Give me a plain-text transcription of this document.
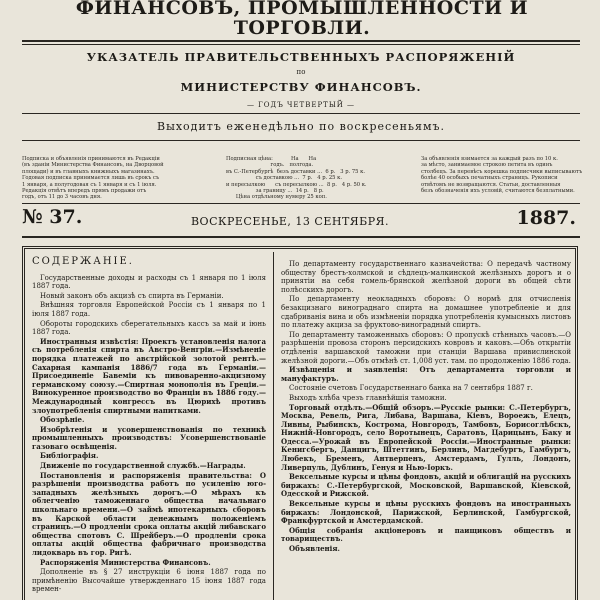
ФИНАНСОВЪ, ПРОМЫШЛЕННОСТИ И ТОРГОВЛИ.
УКАЗАТЕЛЬ ПРАВИТЕЛЬСТВЕННЫХЪ РАСПОРЯЖЕНІЙ
по
МИНИСТЕРСТВУ ФИНАНСОВЪ.
— ГОДЪ ЧЕТВЕРТЫЙ —
Выходитъ еженедѣльно по воскресеньямъ.
Подписка и объявленія принимаются въ Редакціи
(въ зданіи Министерства Финансовъ, на Дворцовой
площади) и въ главныхъ книжныхъ магазинахъ.
Годовая подписка принимается лишь въ срокъ съ
1 января, а полугодовая съ 1 января и съ 1 іюля.
Редакція отвѣтъ впередъ прямъ продажи отъ
годъ, отъ 11 до 3 часовъ дня.
Подписная цѣна:           На      На
годъ.   полгода.
въ С.-Петербургѣ  безъ доставки ...  6 р.   3 р. 75 к.
съ доставкою ...  7 р.   4 р. 25 к.
и пересылкою      съ пересылкою ...  8 р.   4 р. 50 к.
за границу ...  14 р.   8 р.
Цѣна отдѣльному нумеру 25 коп.
За объявленія взимается за каждый разъ по 10 к.
за мѣсто, занимаемое строкою петита въ одинъ
столбецъ. За перевѣсъ корешка подписчики выписываютъ
болѣе 40 особыхъ печатныхъ страницъ. Рукописи
отвѣтомъ не возвращаются. Статьи, доставленныя
безъ обозначенія ихъ условій, считаются безплатными.
№ 37.	ВОСКРЕСЕНЬЕ, 13 СЕНТЯБРЯ.	1887.

СОДЕРЖАНІЕ.

Государственные доходы и расходы съ 1 января по 1 іюля 1887 года.

Новый законъ объ акцизѣ съ спирта въ Германіи.

Внѣшняя торговля Европейской Россіи съ 1 января по 1 іюля 1887 года.

Обороты городскихъ сберегательныхъ кассъ за май и іюнь 1887 года.

Иностранныя извѣстія: Проектъ установленія налога съ потребленія спирта въ Австро-Венгріи.—Измѣненіе порядка платежей по австрійской золотой рентѣ.—Сахарная кампанія 1886/7 года въ Германіи.—Присоединеніе Бавеміи къ пивоваренно-акцизному германскому союзу.—Спиртная монополія въ Греціи.—Винокуренное производство во Франціи въ 1886 году.—Международный конгрессъ въ Цюрихѣ противъ злоупотребленія спиртными напитками.

Обозрѣніе.

Изобрѣтенія и усовершенствованія по техникѣ промышленныхъ производствъ: Усовершенствованіе газоваго освѣщенія.

Библіографія.

Движеніе по государственной службѣ.—Награды.

Постановленія и распоряженія правительства: О разрѣшеніи производства работъ по усиленію юго-западныхъ желѣзныхъ дорогъ.—О мѣрахъ къ облегченію таможеннаго общества начальнаго школьнаго времени.—О займѣ ипотекарныхъ сборовъ въ Карской области денежнымъ положеніемъ страницъ.—О продленіи срока оплаты акцій либавскаго общества спотовъ С. Шрейберъ.—О продленіи срока оплаты акцій общества фабричнаго производства лидокварь въ гор. Ригѣ.

Распоряженія Министерства Финансовъ.

Дополненіе въ § 27 инструкціи 6 іюня 1887 года по примѣненію Высочайше утвержденнаго 15 іюня 1887 года времен-

По департаменту государственнаго казначейства: О передачѣ частному обществу брестъ-холмской и сѣдлецъ-малкинской желѣзныхъ дорогъ и о принятіи на себя гомель-брянской желѣзной дороги въ общей сѣти полѣсскихъ дорогъ.

По департаменту неокладныхъ сборовъ: О нормѣ для отчисленія безакцизнаго винограднаго спирта на домашнее употребленіе и для сдабриванія вина и объ измѣненіи порядка употребленія кумысныхъ листовъ по платежу акциза за фруктово-виноградный спиртъ.

По департаменту таможенныхъ сборовъ: О пропускѣ стѣнныхъ часовъ.—О разрѣшеніи провоза сторонъ персидскихъ ковровъ и каковъ.—Объ открытіи отдѣленія варшавской таможни при станціи Варшава привислинской желѣзной дороги.—Объ отмѣнѣ ст. 1,008 уст. там. по продолженію 1886 года.

Извѣщенія и заявленія: Отъ департамента торговли и мануфактуръ.

Состояніе счетовъ Государственнаго банка на 7 сентября 1887 г.

Выходъ хлѣба чрезъ главнѣйшія таможни.

Торговый отдѣлъ.—Общій обзоръ.—Русскіе рынки: С.-Петербургъ, Москва, Ревель, Рига, Либава, Варшава, Кіевъ, Вороежъ, Елецъ, Ливны, Рыбинскъ, Кострома, Новгородъ, Тамбовъ, Борисоглѣбскъ, Нижній-Новгородъ, село Воротынецъ, Саратовъ, Царицынъ, Баку и Одесса.—Урожай въ Европейской Россіи.—Иностранные рынки: Кенигсбергъ, Данцигъ, Штеттинъ, Берлинъ, Магдебургъ, Гамбургъ, Любекъ, Бременъ, Антверпенъ, Амстердамъ, Гулль, Лондонъ, Ливерпуль, Дублинъ, Генуя и Нью-Іоркъ.

Вексельные курсы и цѣны фондовъ, акцій и облигацій на русскихъ биржахъ: С.-Петербургской, Московской, Варшавской, Кіевской, Одесской и Рижской.

Вексельные курсы и цѣны русскихъ фондовъ на иностранныхъ биржахъ: Лондонской, Парижской, Берлинской, Гамбургской, Франкфуртской и Амстердамской.

Общія собранія акціонеровъ и паищиковъ обществъ и товариществъ.

Объявленія.
